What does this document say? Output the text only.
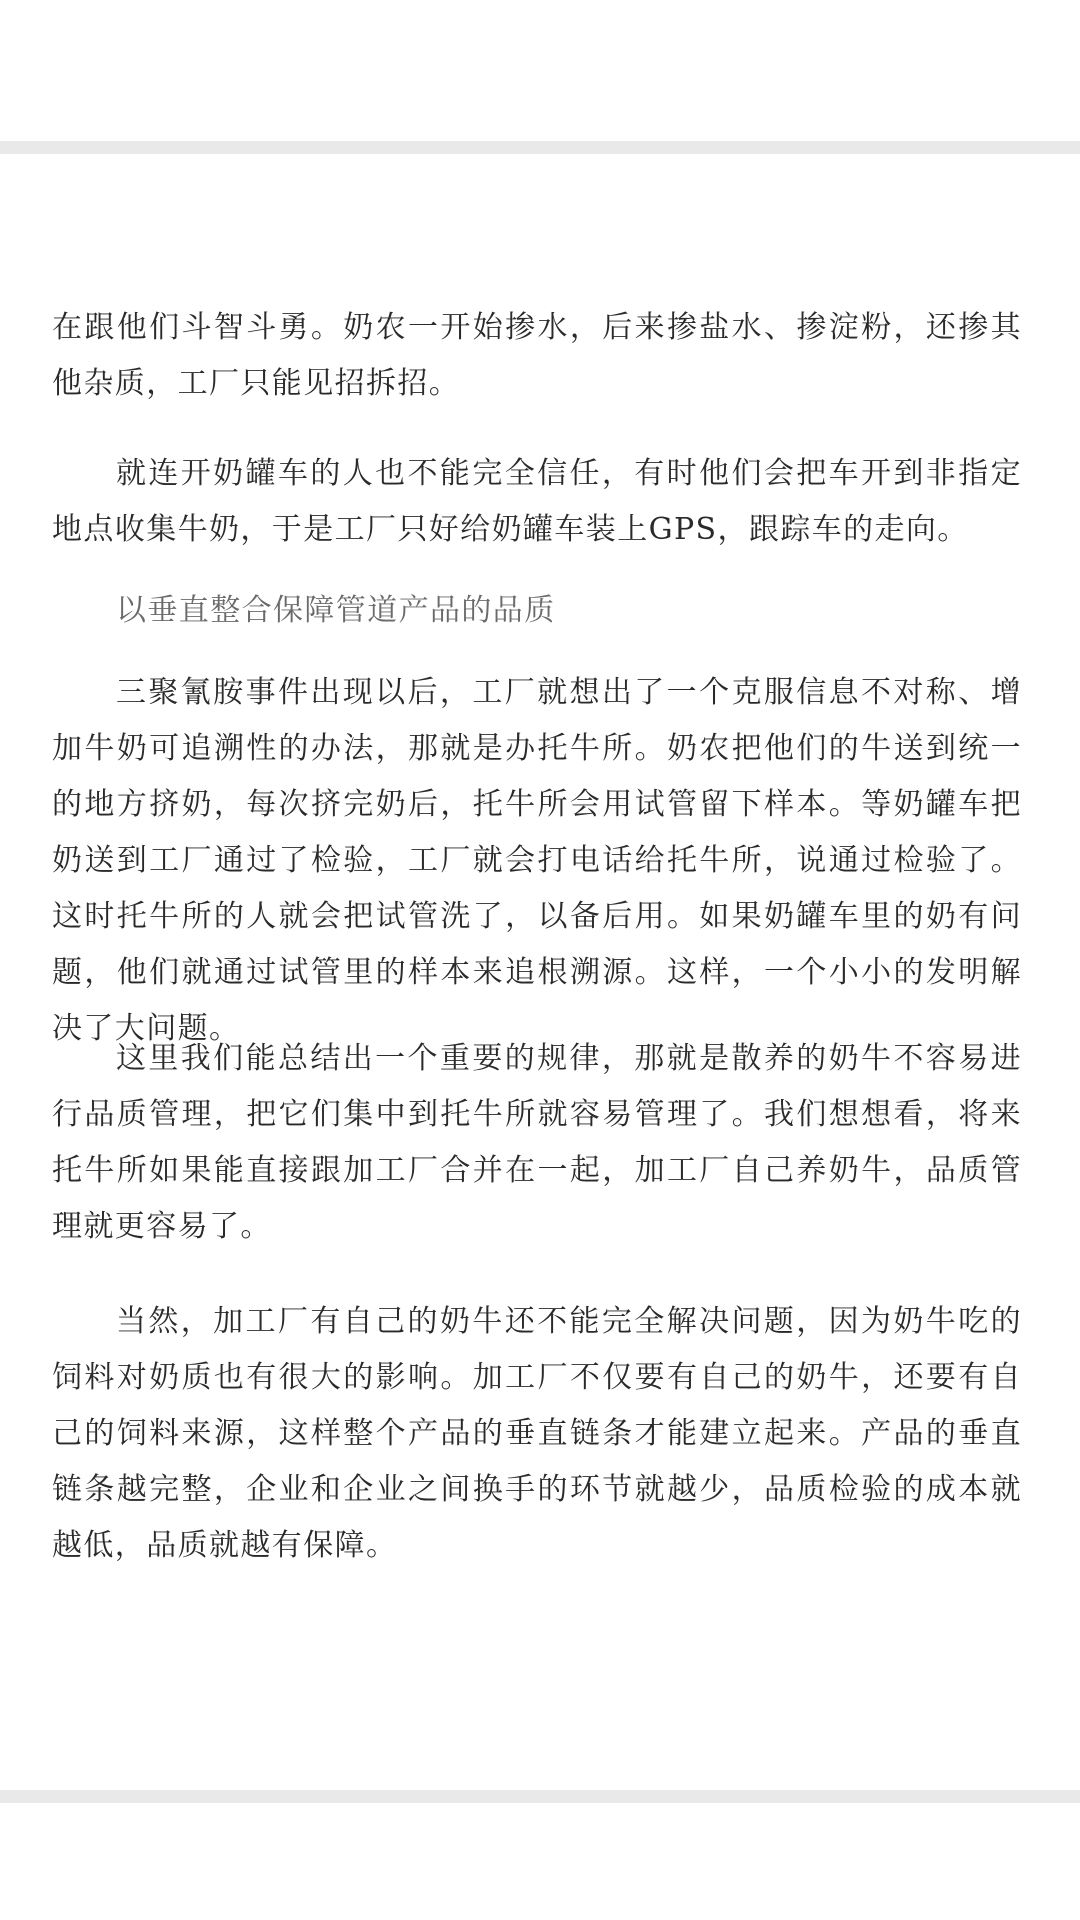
在跟他们斗智斗勇。奶农一开始掺水，后来掺盐水、掺淀粉，还掺其他杂质，工厂只能见招拆招。

就连开奶罐车的人也不能完全信任，有时他们会把车开到非指定地点收集牛奶，于是工厂只好给奶罐车装上GPS，跟踪车的走向。

以垂直整合保障管道产品的品质

三聚氰胺事件出现以后，工厂就想出了一个克服信息不对称、增加牛奶可追溯性的办法，那就是办托牛所。奶农把他们的牛送到统一的地方挤奶，每次挤完奶后，托牛所会用试管留下样本。等奶罐车把奶送到工厂通过了检验，工厂就会打电话给托牛所，说通过检验了。这时托牛所的人就会把试管洗了，以备后用。如果奶罐车里的奶有问题，他们就通过试管里的样本来追根溯源。这样，一个小小的发明解决了大问题。

这里我们能总结出一个重要的规律，那就是散养的奶牛不容易进行品质管理，把它们集中到托牛所就容易管理了。我们想想看，将来托牛所如果能直接跟加工厂合并在一起，加工厂自己养奶牛，品质管理就更容易了。

当然，加工厂有自己的奶牛还不能完全解决问题，因为奶牛吃的饲料对奶质也有很大的影响。加工厂不仅要有自己的奶牛，还要有自己的饲料来源，这样整个产品的垂直链条才能建立起来。产品的垂直链条越完整，企业和企业之间换手的环节就越少，品质检验的成本就越低，品质就越有保障。
